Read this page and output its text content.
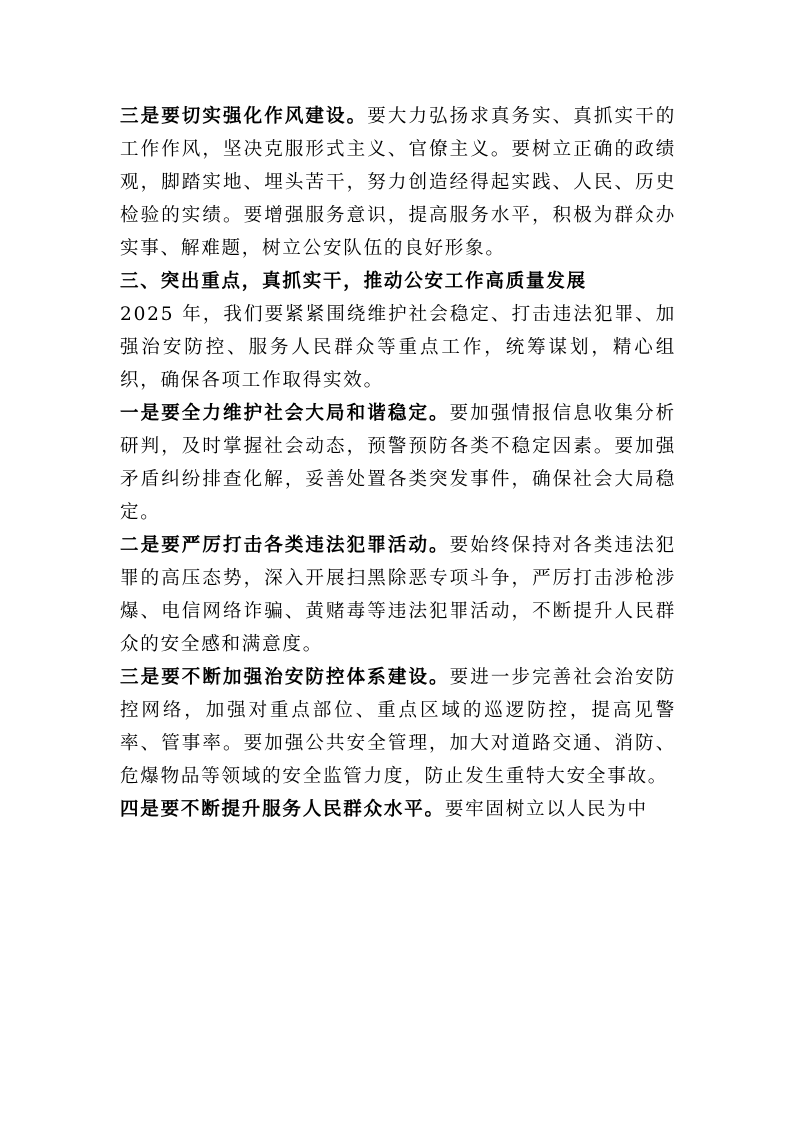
三是要切实强化作风建设。要大力弘扬求真务实、真抓实干的工作作风，坚决克服形式主义、官僚主义。要树立正确的政绩观，脚踏实地、埋头苦干，努力创造经得起实践、人民、历史检验的实绩。要增强服务意识，提高服务水平，积极为群众办实事、解难题，树立公安队伍的良好形象。

三、突出重点，真抓实干，推动公安工作高质量发展

2025 年，我们要紧紧围绕维护社会稳定、打击违法犯罪、加强治安防控、服务人民群众等重点工作，统筹谋划，精心组织，确保各项工作取得实效。

一是要全力维护社会大局和谐稳定。要加强情报信息收集分析研判，及时掌握社会动态，预警预防各类不稳定因素。要加强矛盾纠纷排查化解，妥善处置各类突发事件，确保社会大局稳定。

二是要严厉打击各类违法犯罪活动。要始终保持对各类违法犯罪的高压态势，深入开展扫黑除恶专项斗争，严厉打击涉枪涉爆、电信网络诈骗、黄赌毒等违法犯罪活动，不断提升人民群众的安全感和满意度。

三是要不断加强治安防控体系建设。要进一步完善社会治安防控网络，加强对重点部位、重点区域的巡逻防控，提高见警率、管事率。要加强公共安全管理，加大对道路交通、消防、危爆物品等领域的安全监管力度，防止发生重特大安全事故。

四是要不断提升服务人民群众水平。要牢固树立以人民为中
